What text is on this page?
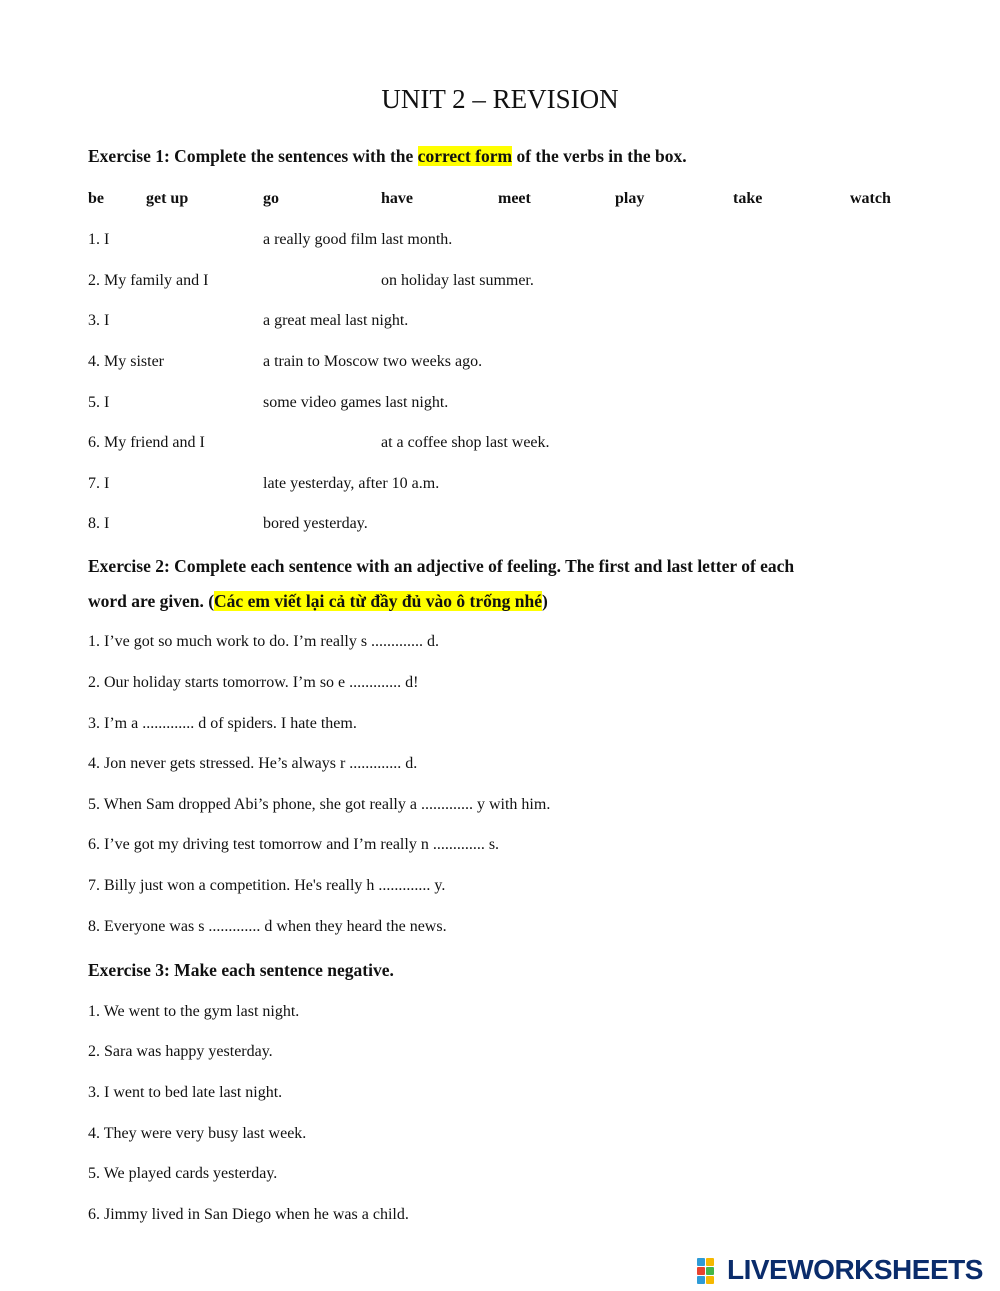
UNIT 2 – REVISION
Exercise 1: Complete the sentences with the correct form of the verbs in the box.
be	get up	go	have	meet	play	take	watch
1. I	a really good film last month.
2. My family and I	on holiday last summer.
3. I	a great meal last night.
4. My sister	a train to Moscow two weeks ago.
5. I	some video games last night.
6. My friend and I	at a coffee shop last week.
7. I	late yesterday, after 10 a.m.
8. I	bored yesterday.
Exercise 2: Complete each sentence with an adjective of feeling. The first and last letter of each
word are given. (Các em viết lại cả từ đầy đủ vào ô trống nhé)
1. I’ve got so much work to do. I’m really s ............. d.
2. Our holiday starts tomorrow. I’m so e ............. d!
3. I’m a ............. d of spiders. I hate them.
4. Jon never gets stressed. He’s always r ............. d.
5. When Sam dropped Abi’s phone, she got really a ............. y with him.
6. I’ve got my driving test tomorrow and I’m really n ............. s.
7. Billy just won a competition. He's really h ............. y.
8. Everyone was s ............. d when they heard the news.
Exercise 3: Make each sentence negative.
1. We went to the gym last night.
2. Sara was happy yesterday.
3. I went to bed late last night.
4. They were very busy last week.
5. We played cards yesterday.
6. Jimmy lived in San Diego when he was a child.
LIVEWORKSHEETS
